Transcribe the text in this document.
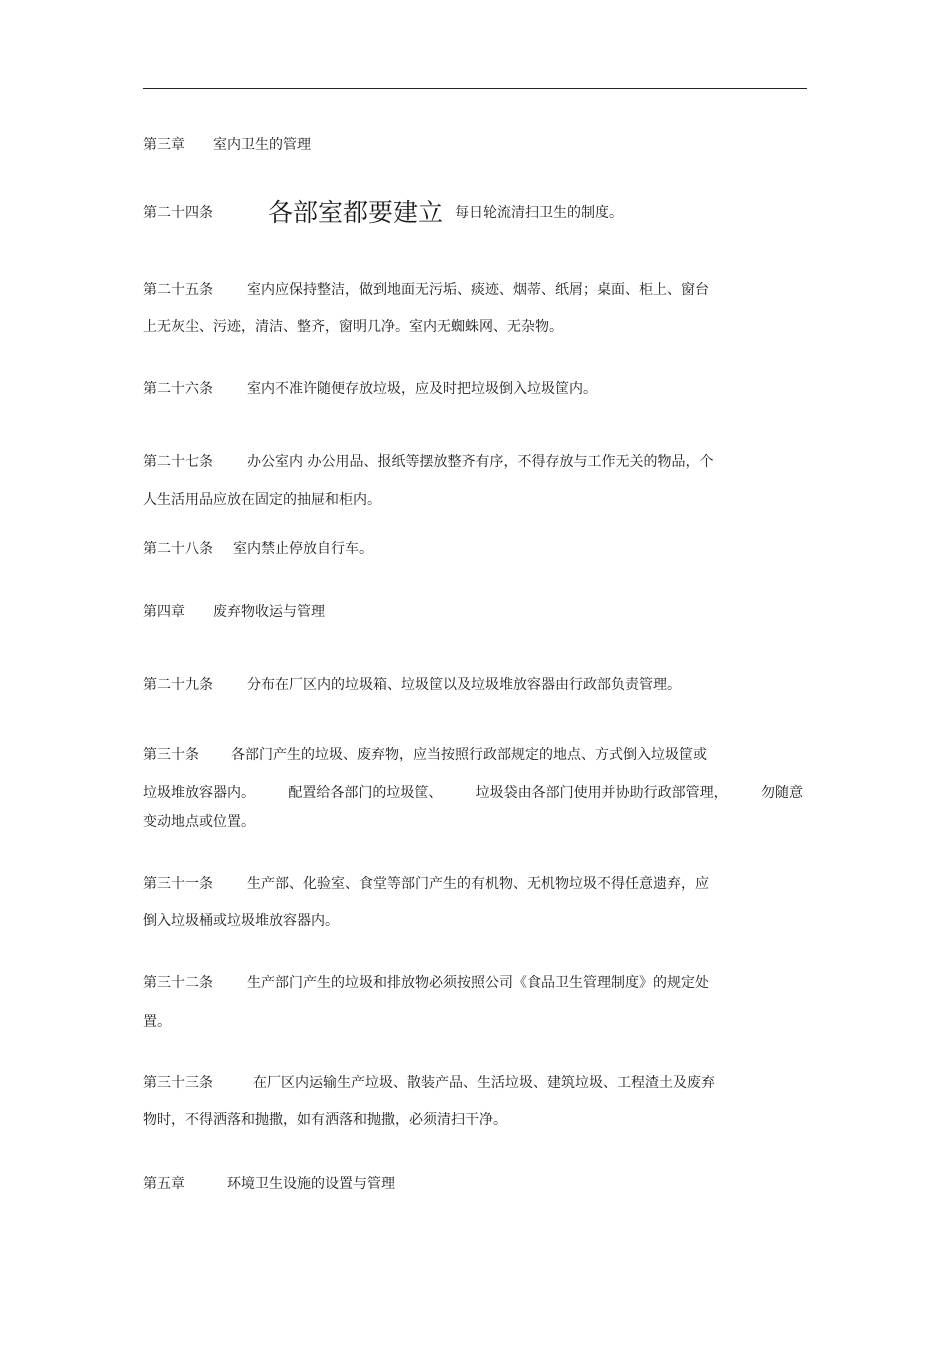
第三章 室内卫生的管理
第二十四条 各部室都要建立 每日轮流清扫卫生的制度。
第二十五条 室内应保持整洁，做到地面无污垢、痰迹、烟蒂、纸屑；桌面、柜上、窗台
上无灰尘、污迹，清洁、整齐，窗明几净。室内无蜘蛛网、无杂物。
第二十六条 室内不准许随便存放垃圾，应及时把垃圾倒入垃圾筐内。
第二十七条 办公室内 办公用品、报纸等摆放整齐有序，不得存放与工作无关的物品，个
人生活用品应放在固定的抽屉和柜内。
第二十八条 室内禁止停放自行车。
第四章 废弃物收运与管理
第二十九条 分布在厂区内的垃圾箱、垃圾筐以及垃圾堆放容器由行政部负责管理。
第三十条 各部门产生的垃圾、废弃物，应当按照行政部规定的地点、方式倒入垃圾筐或
垃圾堆放容器内。 配置给各部门的垃圾筐、 垃圾袋由各部门使用并协助行政部管理， 勿随意
变动地点或位置。
第三十一条 生产部、化验室、食堂等部门产生的有机物、无机物垃圾不得任意遗弃，应
倒入垃圾桶或垃圾堆放容器内。
第三十二条 生产部门产生的垃圾和排放物必须按照公司《食品卫生管理制度》的规定处
置。
第三十三条	在厂区内运输生产垃圾、散装产品、生活垃圾、建筑垃圾、工程渣土及废弃
物时，不得洒落和抛撒，如有洒落和抛撒，必须清扫干净。
第五章	环境卫生设施的设置与管理
